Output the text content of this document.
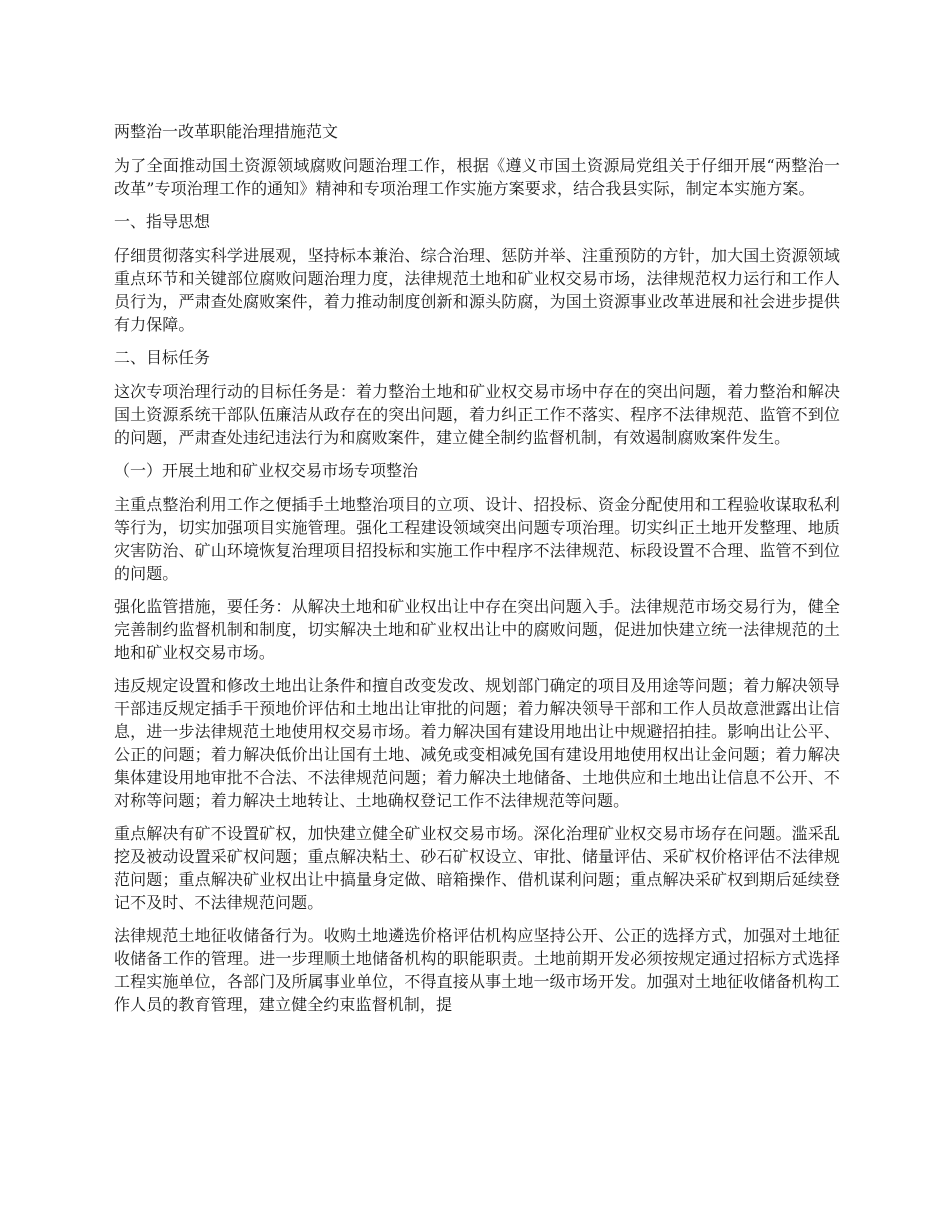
两整治一改革职能治理措施范文

为了全面推动国土资源领域腐败问题治理工作，根据《遵义市国土资源局党组关于仔细开展“两整治一改革”专项治理工作的通知》精神和专项治理工作实施方案要求，结合我县实际，制定本实施方案。

一、指导思想

仔细贯彻落实科学进展观，坚持标本兼治、综合治理、惩防并举、注重预防的方针，加大国土资源领域重点环节和关键部位腐败问题治理力度，法律规范土地和矿业权交易市场，法律规范权力运行和工作人员行为，严肃查处腐败案件，着力推动制度创新和源头防腐，为国土资源事业改革进展和社会进步提供有力保障。

二、目标任务

这次专项治理行动的目标任务是：着力整治土地和矿业权交易市场中存在的突出问题，着力整治和解决国土资源系统干部队伍廉洁从政存在的突出问题，着力纠正工作不落实、程序不法律规范、监管不到位的问题，严肃查处违纪违法行为和腐败案件，建立健全制约监督机制，有效遏制腐败案件发生。

（一）开展土地和矿业权交易市场专项整治

主重点整治利用工作之便插手土地整治项目的立项、设计、招投标、资金分配使用和工程验收谋取私利等行为，切实加强项目实施管理。强化工程建设领域突出问题专项治理。切实纠正土地开发整理、地质灾害防治、矿山环境恢复治理项目招投标和实施工作中程序不法律规范、标段设置不合理、监管不到位的问题。

强化监管措施，要任务：从解决土地和矿业权出让中存在突出问题入手。法律规范市场交易行为，健全完善制约监督机制和制度，切实解决土地和矿业权出让中的腐败问题，促进加快建立统一法律规范的土地和矿业权交易市场。

违反规定设置和修改土地出让条件和擅自改变发改、规划部门确定的项目及用途等问题；着力解决领导干部违反规定插手干预地价评估和土地出让审批的问题；着力解决领导干部和工作人员故意泄露出让信息，进一步法律规范土地使用权交易市场。着力解决国有建设用地出让中规避招拍挂。影响出让公平、公正的问题；着力解决低价出让国有土地、减免或变相减免国有建设用地使用权出让金问题；着力解决集体建设用地审批不合法、不法律规范问题；着力解决土地储备、土地供应和土地出让信息不公开、不对称等问题；着力解决土地转让、土地确权登记工作不法律规范等问题。

重点解决有矿不设置矿权，加快建立健全矿业权交易市场。深化治理矿业权交易市场存在问题。滥采乱挖及被动设置采矿权问题；重点解决粘土、砂石矿权设立、审批、储量评估、采矿权价格评估不法律规范问题；重点解决矿业权出让中搞量身定做、暗箱操作、借机谋利问题；重点解决采矿权到期后延续登记不及时、不法律规范问题。

法律规范土地征收储备行为。收购土地遴选价格评估机构应坚持公开、公正的选择方式，加强对土地征收储备工作的管理。进一步理顺土地储备机构的职能职责。土地前期开发必须按规定通过招标方式选择工程实施单位，各部门及所属事业单位，不得直接从事土地一级市场开发。加强对土地征收储备机构工作人员的教育管理，建立健全约束监督机制，提
